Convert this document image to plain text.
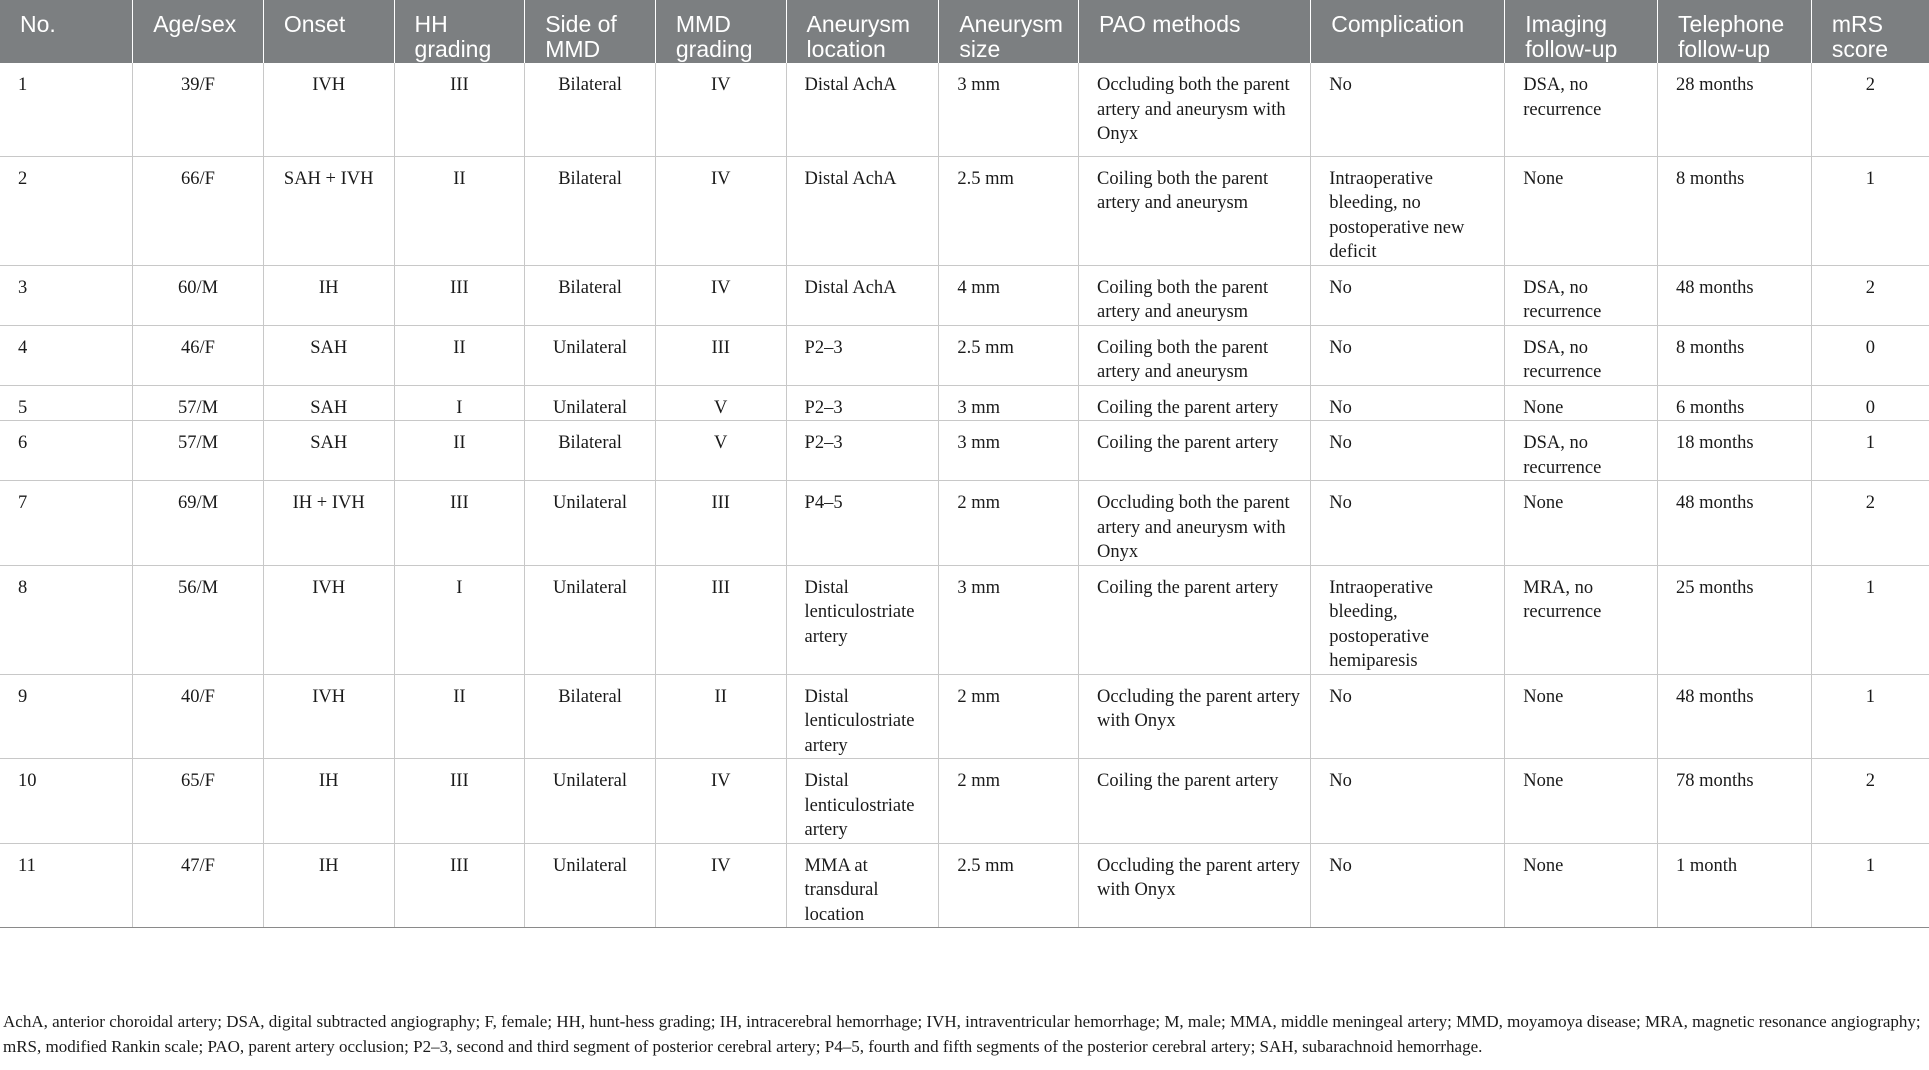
No.	Age/sex	Onset	HH grading	Side of MMD	MMD grading	Aneurysm location	Aneurysm size	PAO methods	Complication	Imaging follow-up	Telephone follow-up	mRS score
1	39/F	IVH	III	Bilateral	IV	Distal AchA	3 mm	Occluding both the parent artery and aneurysm with Onyx	No	DSA, no recurrence	28 months	2
2	66/F	SAH + IVH	II	Bilateral	IV	Distal AchA	2.5 mm	Coiling both the parent artery and aneurysm	Intraoperative bleeding, no postoperative new deficit	None	8 months	1
3	60/M	IH	III	Bilateral	IV	Distal AchA	4 mm	Coiling both the parent artery and aneurysm	No	DSA, no recurrence	48 months	2
4	46/F	SAH	II	Unilateral	III	P2–3	2.5 mm	Coiling both the parent artery and aneurysm	No	DSA, no recurrence	8 months	0
5	57/M	SAH	I	Unilateral	V	P2–3	3 mm	Coiling the parent artery	No	None	6 months	0
6	57/M	SAH	II	Bilateral	V	P2–3	3 mm	Coiling the parent artery	No	DSA, no recurrence	18 months	1
7	69/M	IH + IVH	III	Unilateral	III	P4–5	2 mm	Occluding both the parent artery and aneurysm with Onyx	No	None	48 months	2
8	56/M	IVH	I	Unilateral	III	Distal lenticulostriate artery	3 mm	Coiling the parent artery	Intraoperative bleeding, postoperative hemiparesis	MRA, no recurrence	25 months	1
9	40/F	IVH	II	Bilateral	II	Distal lenticulostriate artery	2 mm	Occluding the parent artery with Onyx	No	None	48 months	1
10	65/F	IH	III	Unilateral	IV	Distal lenticulostriate artery	2 mm	Coiling the parent artery	No	None	78 months	2
11	47/F	IH	III	Unilateral	IV	MMA at transdural location	2.5 mm	Occluding the parent artery with Onyx	No	None	1 month	1

AchA, anterior choroidal artery; DSA, digital subtracted angiography; F, female; HH, hunt-hess grading; IH, intracerebral hemorrhage; IVH, intraventricular hemorrhage; M, male; MMA, middle meningeal artery; MMD, moyamoya disease; MRA, magnetic resonance angiography; mRS, modified Rankin scale; PAO, parent artery occlusion; P2–3, second and third segment of posterior cerebral artery; P4–5, fourth and fifth segments of the posterior cerebral artery; SAH, subarachnoid hemorrhage.
